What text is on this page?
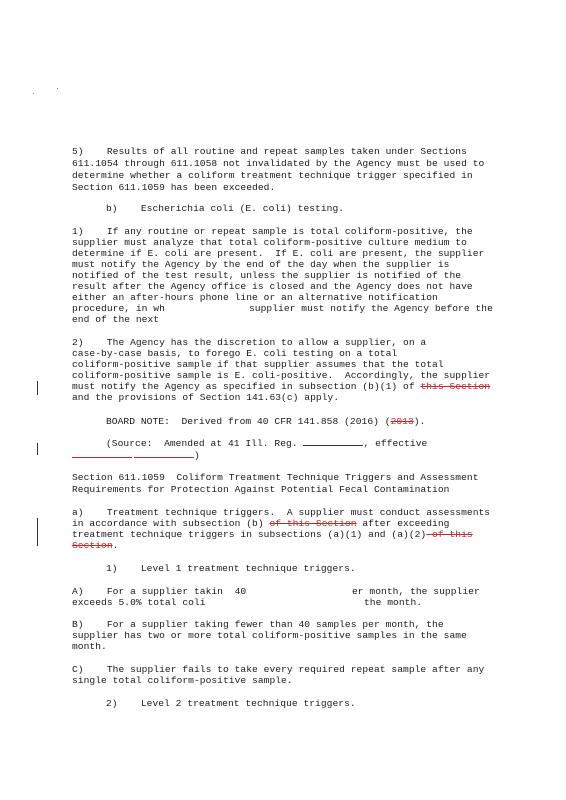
5)    Results of all routine and repeat samples taken under Sections
611.1054 through 611.1058 not invalidated by the Agency must be used to
determine whether a coliform treatment technique trigger specified in
Section 611.1059 has been exceeded.
b)    Escherichia coli (E. coli) testing.
1)    If any routine or repeat sample is total coliform-positive, the
supplier must analyze that total coliform-positive culture medium to
determine if E. coli are present.  If E. coli are present, the supplier
must notify the Agency by the end of the day when the supplier is
notified of the test result, unless the supplier is notified of the
result after the Agency office is closed and the Agency does not have
either an after-hours phone line or an alternative notification
procedure, in wh	supplier must notify the Agency before the
end of the next
2)    The Agency has the discretion to allow a supplier, on a
case-by-case basis, to forego E. coli testing on a total
coliform-positive sample if that supplier assumes that the total
coliform-positive sample is E. coli-positive.  Accordingly, the supplier
must notify the Agency as specified in subsection (b)(1) of this Section
and the provisions of Section 141.63(c) apply.
BOARD NOTE:  Derived from 40 CFR 141.858 (2016) (2013).
(Source:  Amended at 41 Ill. Reg.	, effective
)
Section 611.1059  Coliform Treatment Technique Triggers and Assessment
Requirements for Protection Against Potential Fecal Contamination
a)    Treatment technique triggers.  A supplier must conduct assessments
in accordance with subsection (b) of this Section after exceeding
treatment technique triggers in subsections (a)(1) and (a)(2) of this
Section.
1)    Level 1 treatment technique triggers.
A)    For a supplier takin  40	er month, the supplier
exceeds 5.0% total coli	the month.
B)    For a supplier taking fewer than 40 samples per month, the
supplier has two or more total coliform-positive samples in the same
month.
C)    The supplier fails to take every required repeat sample after any
single total coliform-positive sample.
2)    Level 2 treatment technique triggers.
